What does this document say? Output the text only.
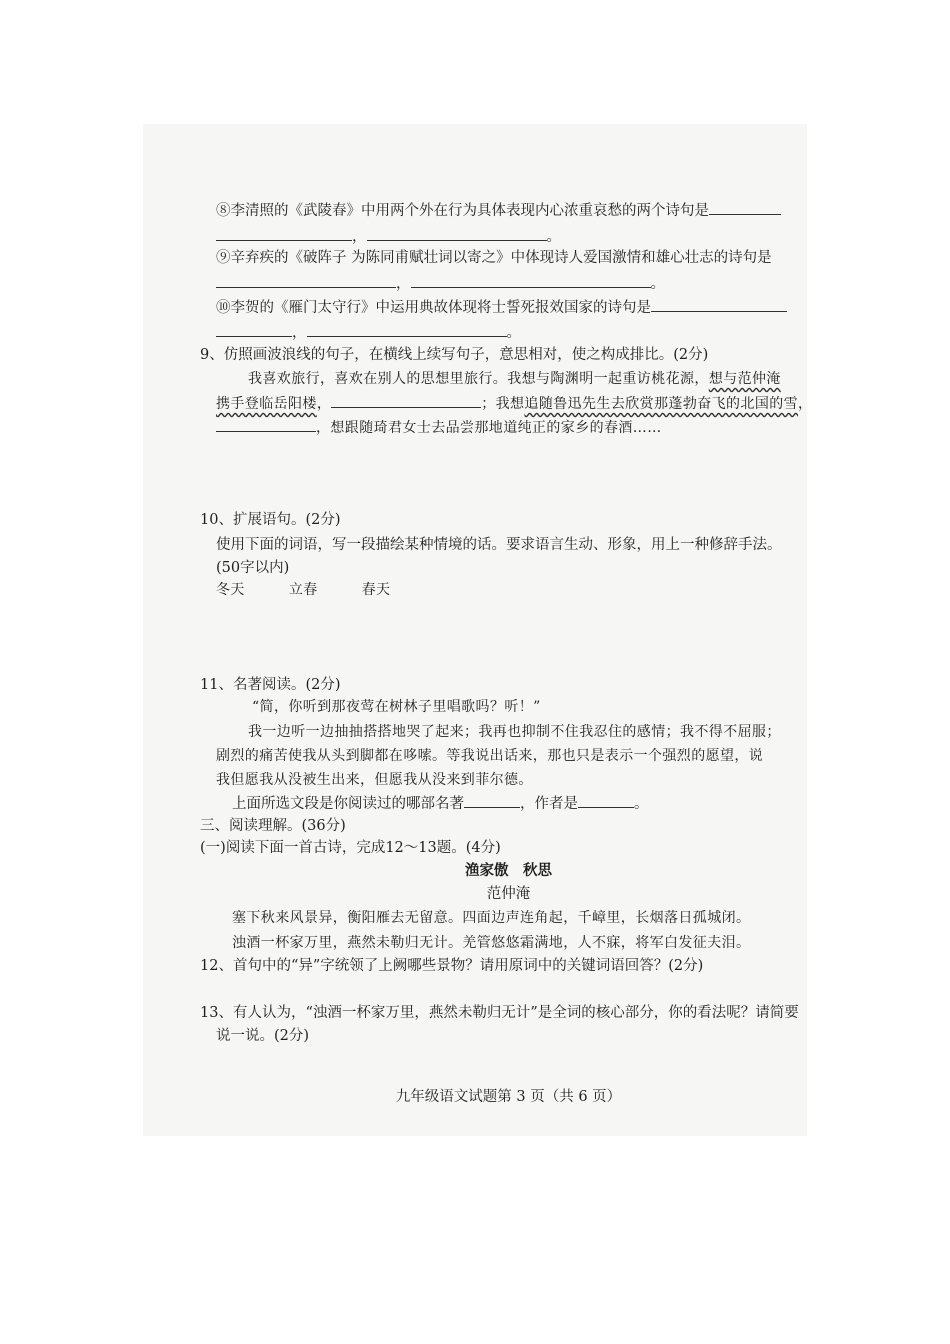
⑧李清照的《武陵春》中用两个外在行为具体表现内心浓重哀愁的两个诗句是
，	。
⑨辛弃疾的《破阵子 为陈同甫赋壮词以寄之》中体现诗人爱国激情和雄心壮志的诗句是
，	。
⑩李贺的《雁门太守行》中运用典故体现将士誓死报效国家的诗句是
，	。
9、仿照画波浪线的句子，在横线上续写句子，意思相对，使之构成排比。(2分)
我喜欢旅行，喜欢在别人的思想里旅行。我想与陶渊明一起重访桃花源，想与范仲淹
携手登临岳阳楼，	；我想追随鲁迅先生去欣赏那蓬勃奋飞的北国的雪，
，想跟随琦君女士去品尝那地道纯正的家乡的春酒……
10、扩展语句。(2分)
使用下面的词语，写一段描绘某种情境的话。要求语言生动、形象，用上一种修辞手法。
(50字以内)
冬天	立春	春天
11、名著阅读。(2分)
“简，你听到那夜莺在树林子里唱歌吗？听！”
我一边听一边抽抽搭搭地哭了起来；我再也抑制不住我忍住的感情；我不得不屈服；
剧烈的痛苦使我从头到脚都在哆嗦。等我说出话来，那也只是表示一个强烈的愿望，说
我但愿我从没被生出来，但愿我从没来到菲尔德。
上面所选文段是你阅读过的哪部名著	，作者是	。
三、阅读理解。(36分)
(一)阅读下面一首古诗，完成12～13题。(4分)
渔家傲　秋思
范仲淹
塞下秋来风景异，衡阳雁去无留意。四面边声连角起，千嶂里，长烟落日孤城闭。
浊酒一杯家万里，燕然未勒归无计。羌管悠悠霜满地，人不寐，将军白发征夫泪。
12、首句中的“异”字统领了上阙哪些景物？请用原词中的关键词语回答？(2分)
13、有人认为，“浊酒一杯家万里，燕然未勒归无计”是全词的核心部分，你的看法呢？请简要
说一说。(2分)
九年级语文试题第 3 页（共 6 页）
